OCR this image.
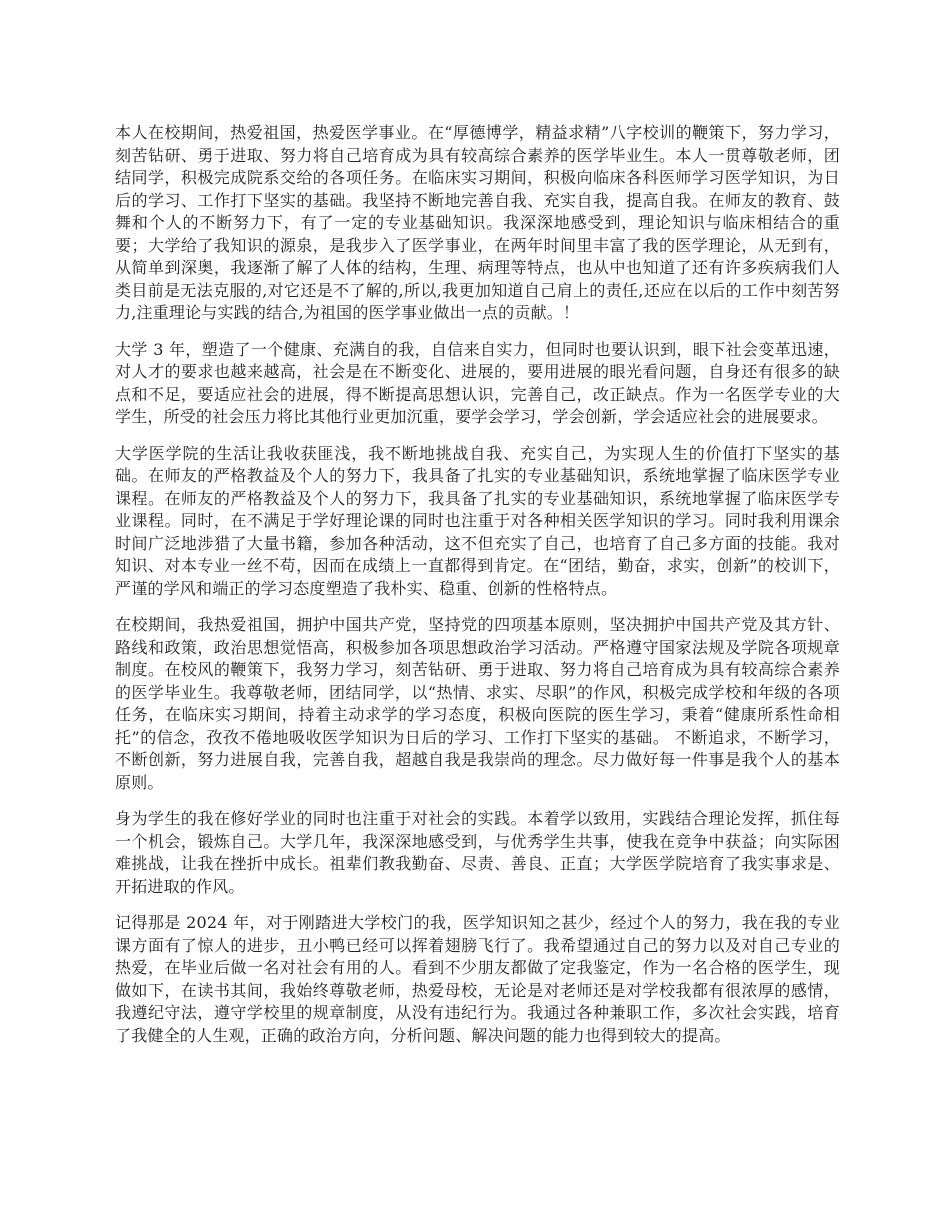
本人在校期间，热爱祖国，热爱医学事业。在“厚德博学，精益求精”八字校训的鞭策下，努力学习，刻苦钻研、勇于进取、努力将自己培育成为具有较高综合素养的医学毕业生。本人一贯尊敬老师，团结同学，积极完成院系交给的各项任务。在临床实习期间，积极向临床各科医师学习医学知识，为日后的学习、工作打下坚实的基础。我坚持不断地完善自我、充实自我，提高自我。在师友的教育、鼓舞和个人的不断努力下，有了一定的专业基础知识。我深深地感受到，理论知识与临床相结合的重要；大学给了我知识的源泉，是我步入了医学事业，在两年时间里丰富了我的医学理论，从无到有，从简单到深奥，我逐渐了解了人体的结构，生理、病理等特点，也从中也知道了还有许多疾病我们人类目前是无法克服的,对它还是不了解的,所以,我更加知道自己肩上的责任,还应在以后的工作中刻苦努力,注重理论与实践的结合,为祖国的医学事业做出一点的贡献。！

大学 3 年，塑造了一个健康、充满自的我，自信来自实力，但同时也要认识到，眼下社会变革迅速，对人才的要求也越来越高，社会是在不断变化、进展的，要用进展的眼光看问题，自身还有很多的缺点和不足，要适应社会的进展，得不断提高思想认识，完善自己，改正缺点。作为一名医学专业的大学生，所受的社会压力将比其他行业更加沉重，要学会学习，学会创新，学会适应社会的进展要求。

大学医学院的生活让我收获匪浅，我不断地挑战自我、充实自己，为实现人生的价值打下坚实的基础。在师友的严格教益及个人的努力下，我具备了扎实的专业基础知识，系统地掌握了临床医学专业课程。在师友的严格教益及个人的努力下，我具备了扎实的专业基础知识，系统地掌握了临床医学专业课程。同时，在不满足于学好理论课的同时也注重于对各种相关医学知识的学习。同时我利用课余时间广泛地涉猎了大量书籍，参加各种活动，这不但充实了自己，也培育了自己多方面的技能。我对知识、对本专业一丝不苟，因而在成绩上一直都得到肯定。在“团结，勤奋，求实，创新”的校训下，严谨的学风和端正的学习态度塑造了我朴实、稳重、创新的性格特点。

在校期间，我热爱祖国，拥护中国共产党，坚持党的四项基本原则，坚决拥护中国共产党及其方针、路线和政策，政治思想觉悟高，积极参加各项思想政治学习活动。严格遵守国家法规及学院各项规章制度。在校风的鞭策下，我努力学习，刻苦钻研、勇于进取、努力将自己培育成为具有较高综合素养的医学毕业生。我尊敬老师，团结同学，以“热情、求实、尽职”的作风，积极完成学校和年级的各项任务，在临床实习期间，持着主动求学的学习态度，积极向医院的医生学习，秉着“健康所系性命相托”的信念，孜孜不倦地吸收医学知识为日后的学习、工作打下坚实的基础。 不断追求，不断学习，不断创新，努力进展自我，完善自我，超越自我是我崇尚的理念。尽力做好每一件事是我个人的基本原则。

身为学生的我在修好学业的同时也注重于对社会的实践。本着学以致用，实践结合理论发挥，抓住每一个机会，锻炼自己。大学几年，我深深地感受到，与优秀学生共事，使我在竞争中获益；向实际困难挑战，让我在挫折中成长。祖辈们教我勤奋、尽责、善良、正直；大学医学院培育了我实事求是、开拓进取的作风。

记得那是 2024 年，对于刚踏进大学校门的我，医学知识知之甚少，经过个人的努力，我在我的专业课方面有了惊人的进步，丑小鸭已经可以挥着翅膀飞行了。我希望通过自己的努力以及对自己专业的热爱，在毕业后做一名对社会有用的人。看到不少朋友都做了定我鉴定，作为一名合格的医学生，现做如下，在读书其间，我始终尊敬老师，热爱母校，无论是对老师还是对学校我都有很浓厚的感情，我遵纪守法，遵守学校里的规章制度，从没有违纪行为。我通过各种兼职工作，多次社会实践，培育了我健全的人生观，正确的政治方向，分析问题、解决问题的能力也得到较大的提高。
